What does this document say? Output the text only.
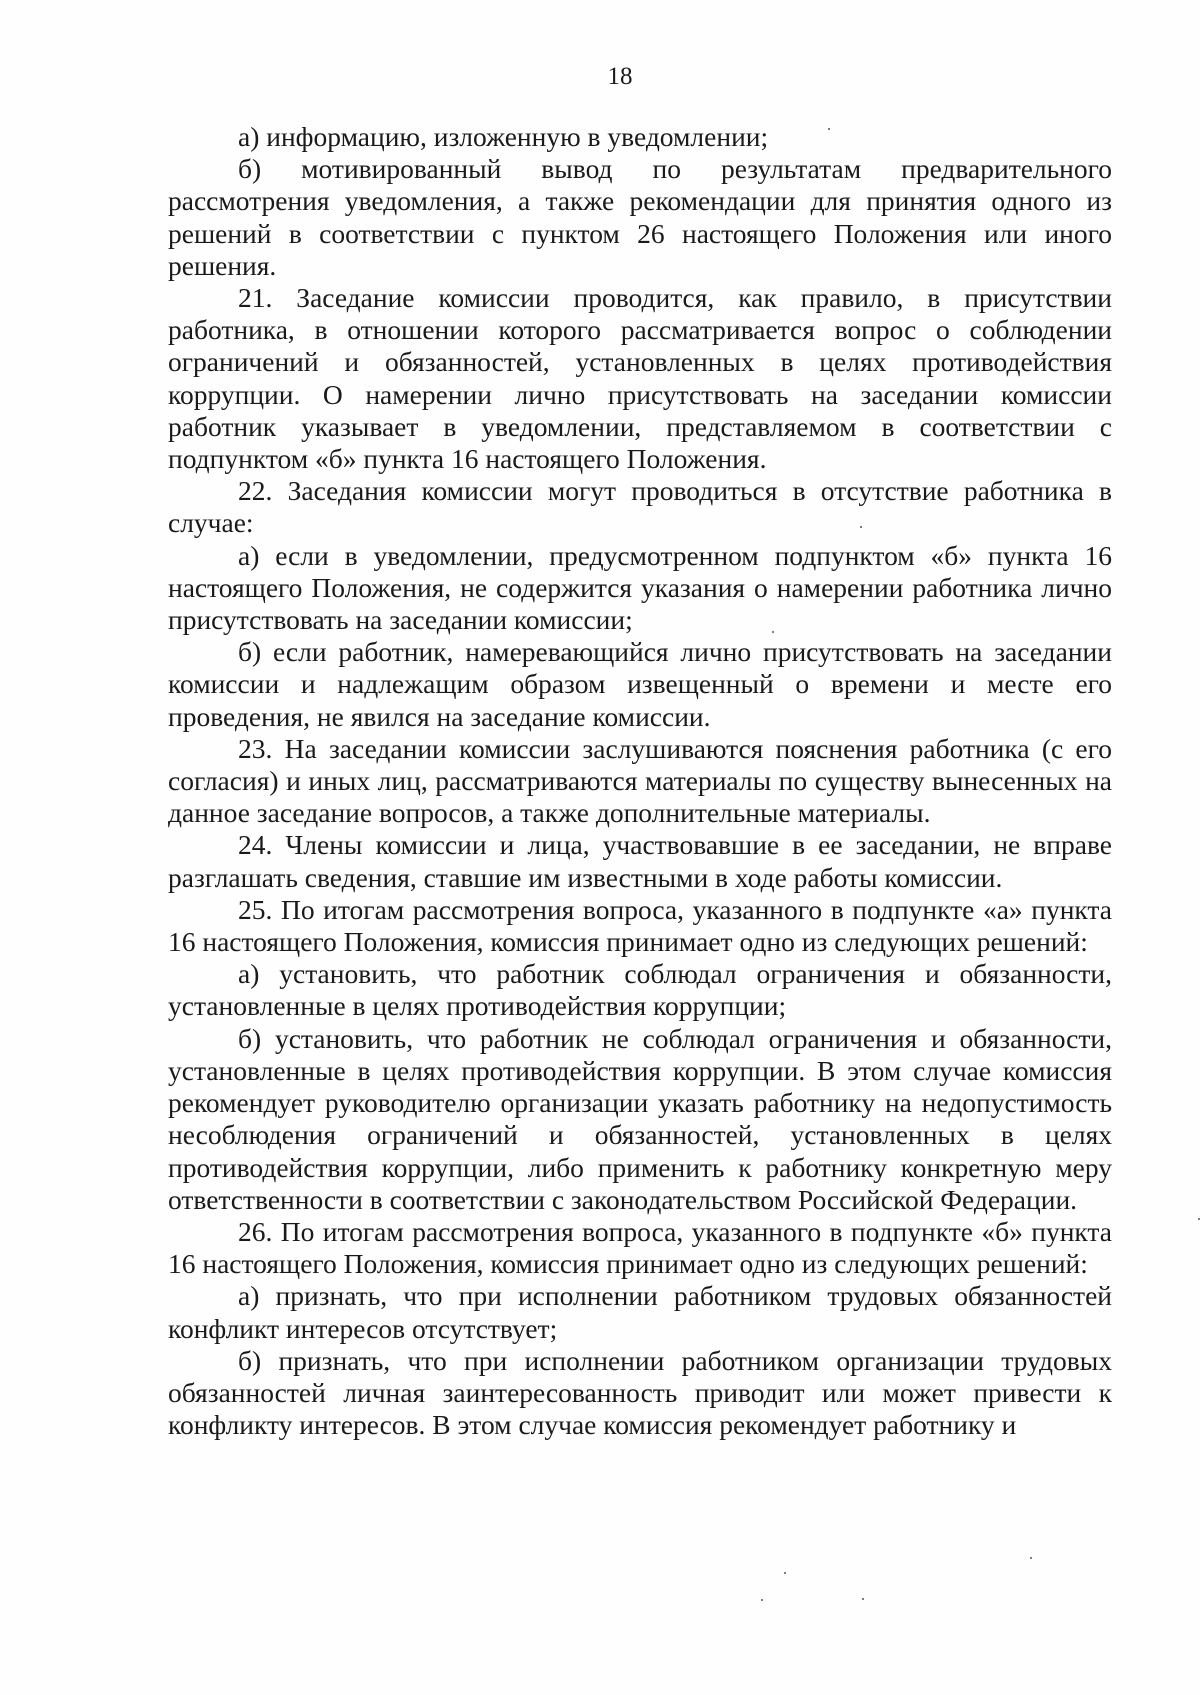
18

а) информацию, изложенную в уведомлении;

б) мотивированный вывод по результатам предварительного рассмотрения уведомления, а также рекомендации для принятия одного из решений в соответствии с пунктом 26 настоящего Положения или иного решения.

21. Заседание комиссии проводится, как правило, в присутствии работника, в отношении которого рассматривается вопрос о соблюдении ограничений и обязанностей, установленных в целях противодействия коррупции. О намерении лично присутствовать на заседании комиссии работник указывает в уведомлении, представляемом в соответствии с подпунктом «б» пункта 16 настоящего Положения.

22. Заседания комиссии могут проводиться в отсутствие работника в случае:

а) если в уведомлении, предусмотренном подпунктом «б» пункта 16 настоящего Положения, не содержится указания о намерении работника лично присутствовать на заседании комиссии;

б) если работник, намеревающийся лично присутствовать на заседании комиссии и надлежащим образом извещенный о времени и месте его проведения, не явился на заседание комиссии.

23. На заседании комиссии заслушиваются пояснения работника (с его согласия) и иных лиц, рассматриваются материалы по существу вынесенных на данное заседание вопросов, а также дополнительные материалы.

24. Члены комиссии и лица, участвовавшие в ее заседании, не вправе разглашать сведения, ставшие им известными в ходе работы комиссии.

25. По итогам рассмотрения вопроса, указанного в подпункте «а» пункта 16 настоящего Положения, комиссия принимает одно из следующих решений:

а) установить, что работник соблюдал ограничения и обязанности, установленные в целях противодействия коррупции;

б) установить, что работник не соблюдал ограничения и обязанности, установленные в целях противодействия коррупции. В этом случае комиссия рекомендует руководителю организации указать работнику на недопустимость несоблюдения ограничений и обязанностей, установленных в целях противодействия коррупции, либо применить к работнику конкретную меру ответственности в соответствии с законодательством Российской Федерации.

26. По итогам рассмотрения вопроса, указанного в подпункте «б» пункта 16 настоящего Положения, комиссия принимает одно из следующих решений:

а) признать, что при исполнении работником трудовых обязанностей конфликт интересов отсутствует;

б) признать, что при исполнении работником организации трудовых обязанностей личная заинтересованность приводит или может привести к конфликту интересов. В этом случае комиссия рекомендует работнику и
